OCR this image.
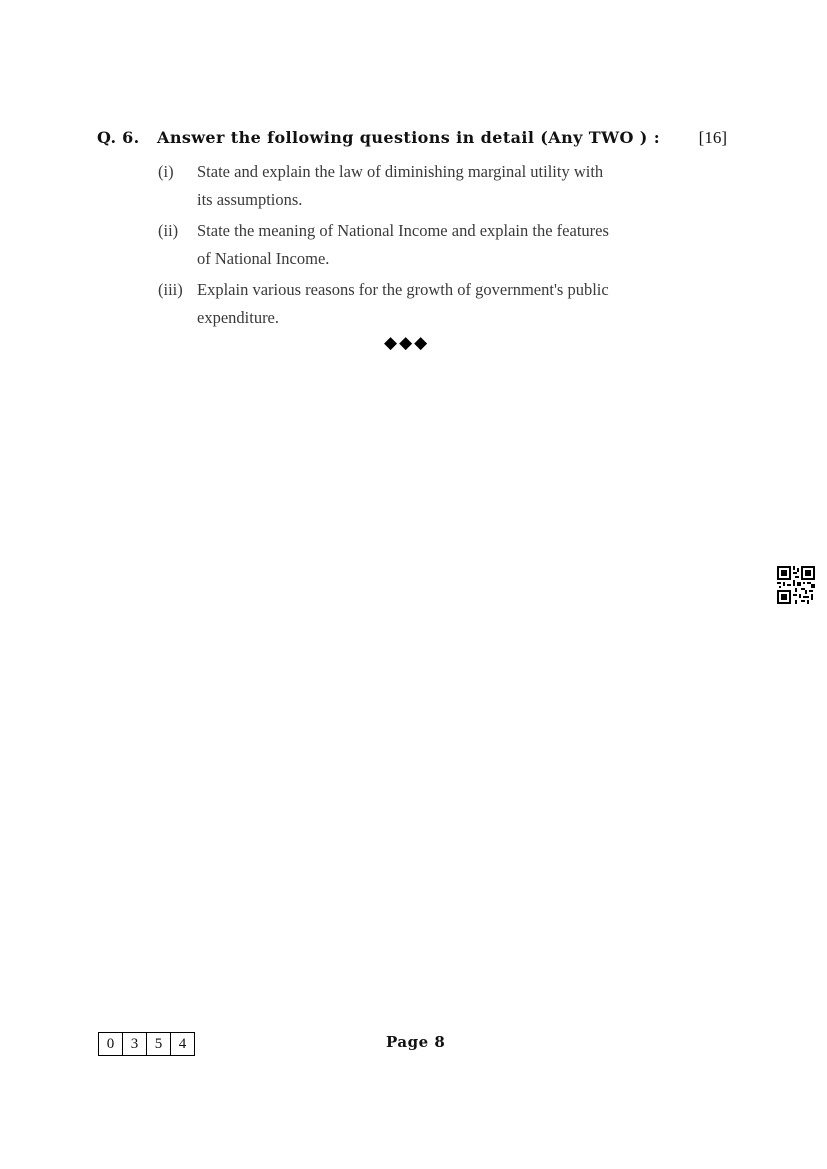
Q. 6. Answer the following questions in detail (Any TWO ) : [16]
(i) State and explain the law of diminishing marginal utility with
its assumptions.
(ii) State the meaning of National Income and explain the features
of National Income.
(iii) Explain various reasons for the growth of government's public
expenditure.
◆◆◆
0	3	5	4	Page 8
